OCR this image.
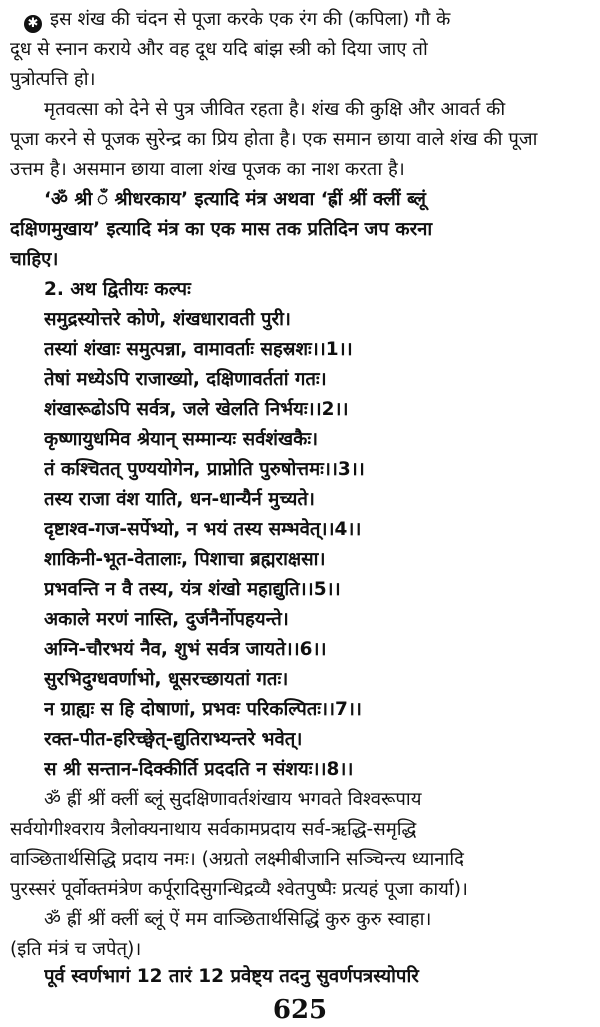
✱ इस शंख की चंदन से पूजा करके एक रंग की (कपिला) गौ के
दूध से स्नान कराये और वह दूध यदि बांझ स्त्री को दिया जाए तो
पुत्रोत्पत्ति हो।
मृतवत्सा को देने से पुत्र जीवित रहता है। शंख की कुक्षि और आवर्त की
पूजा करने से पूजक सुरेन्द्र का प्रिय होता है। एक समान छाया वाले शंख की पूजा
उत्तम है। असमान छाया वाला शंख पूजक का नाश करता है।
‘ॐ श्री ँ श्रीधरकाय’ इत्यादि मंत्र अथवा ‘ह्रीं श्रीं क्लीं ब्लूं
दक्षिणमुखाय’ इत्यादि मंत्र का एक मास तक प्रतिदिन जप करना
चाहिए।
2. अथ द्वितीयः कल्पः
समुद्रस्योत्तरे कोणे, शंखधारावती पुरी।
तस्यां शंखाः समुत्पन्ना, वामावर्ताः सहस्रशः।।1।।
तेषां मध्येऽपि राजाख्यो, दक्षिणावर्ततां गतः।
शंखारूढोऽपि सर्वत्र, जले खेलति निर्भयः।।2।।
कृष्णायुधमिव श्रेयान् सम्मान्यः सर्वशंखकैः।
तं कश्चितत् पुण्ययोगेन, प्राप्नोति पुरुषोत्तमः।।3।।
तस्य राजा वंश याति, धन-धान्यैर्न मुच्यते।
दृष्टाश्व-गज-सर्पेभ्यो, न भयं तस्य सम्भवेत्।।4।।
शाकिनी-भूत-वेतालाः, पिशाचा ब्रह्मराक्षसा।
प्रभवन्ति न वै तस्य, यंत्र शंखो महाद्युति।।5।।
अकाले मरणं नास्ति, दुर्जनैर्नोपहयन्ते।
अग्नि-चौरभयं नैव, शुभं सर्वत्र जायते।।6।।
सुरभिदुग्धवर्णाभो, धूसरच्छायतां गतः।
न ग्राह्यः स हि दोषाणां, प्रभवः परिकल्पितः।।7।।
रक्त-पीत-हरिच्छ्वेत्-द्युतिराभ्यन्तरे भवेत्।
स श्री सन्तान-दिक्कीर्ति प्रददति न संशयः।।8।।
ॐ ह्रीं श्रीं क्लीं ब्लूं सुदक्षिणावर्तशंखाय भगवते विश्वरूपाय
सर्वयोगीश्वराय त्रैलोक्यनाथाय सर्वकामप्रदाय सर्व-ऋद्धि-समृद्धि
वाञ्छितार्थसिद्धि प्रदाय नमः। (अग्रतो लक्ष्मीबीजानि सञ्चिन्त्य ध्यानादि
पुरस्सरं पूर्वोक्तमंत्रेण कर्पूरादिसुगन्धिद्रव्यै श्वेतपुष्पैः प्रत्यहं पूजा कार्या)।
ॐ ह्रीं श्रीं क्लीं ब्लूं ऐं मम वाञ्छितार्थसिद्धिं कुरु कुरु स्वाहा।
(इति मंत्रं च जपेत्)।
पूर्व स्वर्णभागं 12 तारं 12 प्रवेष्ट्य तदनु सुवर्णपत्रस्योपरि
625
